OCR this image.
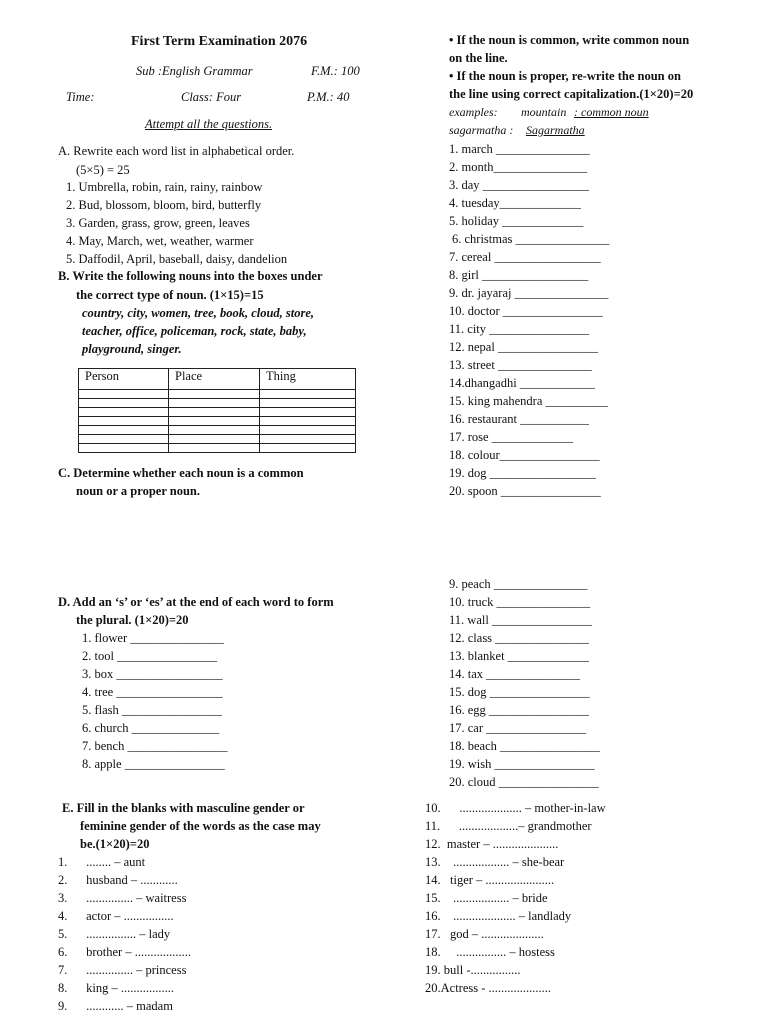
First Term Examination 2076
Sub :English Grammar	F.M.: 100
Time:	Class: Four	P.M.: 40
Attempt all the questions.
A. Rewrite each word list in alphabetical order.
(5×5) = 25
1. Umbrella, robin, rain, rainy, rainbow
2. Bud, blossom, bloom, bird, butterfly
3. Garden, grass, grow, green, leaves
4. May, March, wet, weather, warmer
5. Daffodil, April, baseball, daisy, dandelion
B. Write the following nouns into the boxes under
the correct type of noun. (1×15)=15
country, city, women, tree, book, cloud, store,
teacher, office, policeman, rock, state, baby,
playground, singer.
Person	Place	Thing

C. Determine whether each noun is a common
noun or a proper noun.
• If the noun is common, write common noun
on the line.
• If the noun is proper, re-write the noun on
the line using correct capitalization.(1×20)=20
examples: mountain : common noun
sagarmatha : Sagarmatha
1. march _______________
2. month_______________
3. day _________________
4. tuesday_____________
5. holiday _____________
6. christmas _______________
7. cereal _________________
8. girl _________________
9. dr. jayaraj _______________
10. doctor ________________
11. city ________________
12. nepal ________________
13. street _______________
14.dhangadhi ____________
15. king mahendra __________
16. restaurant ___________
17. rose _____________
18. colour________________
19. dog _________________
20. spoon ________________
D. Add an ‘s’ or ‘es’ at the end of each word to form
the plural. (1×20)=20
1. flower _______________
2. tool ________________
3. box _________________
4. tree _________________
5. flash ________________
6. church ______________
7. bench ________________
8. apple ________________
9. peach _______________
10. truck _______________
11. wall ________________
12. class _______________
13. blanket _____________
14. tax _______________
15. dog ________________
16. egg ________________
17. car ________________
18. beach ________________
19. wish ________________
20. cloud ________________
E. Fill in the blanks with masculine gender or
feminine gender of the words as the case may
be.(1×20)=20
1.      ........ – aunt
2.      husband – ............
3.      ............... – waitress
4.      actor – ................
5.      ................ – lady
6.      brother – ..................
7.      ............... – princess
8.      king – .................
9.      ............ – madam
10.      .................... – mother-in-law
11.      ...................– grandmother
12.  master – .....................
13.    .................. – she-bear
14.   tiger – ......................
15.    .................. – bride
16.    .................... – landlady
17.   god – ....................
18.     ................ – hostess
19. bull -................
20.Actress - ....................
